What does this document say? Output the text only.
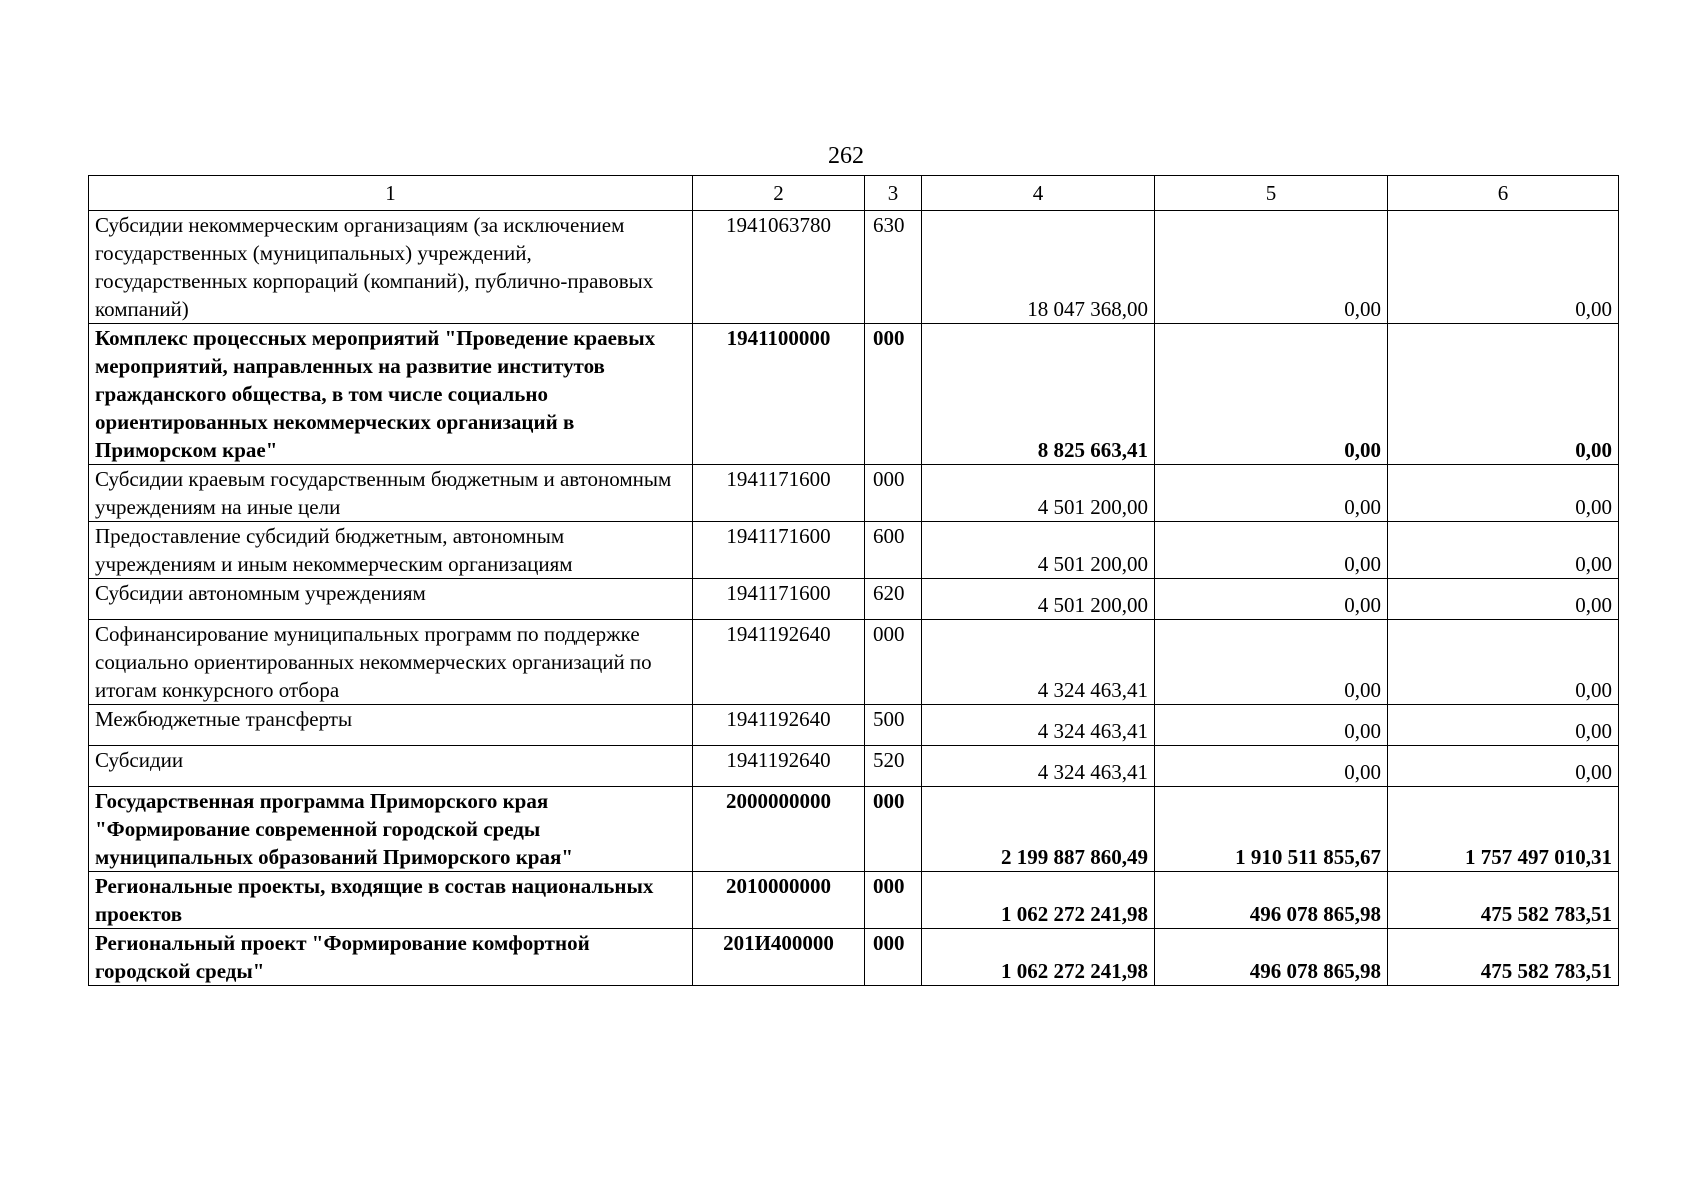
262
1	2	3	4	5	6
Субсидии некоммерческим организациям (за исключением государственных (муниципальных) учреждений, государственных корпораций (компаний), публично-правовых компаний)	1941063780	630	18 047 368,00	0,00	0,00
Комплекс процессных мероприятий "Проведение краевых мероприятий, направленных на развитие институтов гражданского общества, в том числе социально ориентированных некоммерческих организаций в Приморском крае"	1941100000	000	8 825 663,41	0,00	0,00
Субсидии краевым государственным бюджетным и автономным учреждениям на иные цели	1941171600	000	4 501 200,00	0,00	0,00
Предоставление субсидий бюджетным, автономным учреждениям и иным некоммерческим организациям	1941171600	600	4 501 200,00	0,00	0,00
Субсидии автономным учреждениям	1941171600	620	4 501 200,00	0,00	0,00
Софинансирование муниципальных программ по поддержке социально ориентированных некоммерческих организаций по итогам конкурсного отбора	1941192640	000	4 324 463,41	0,00	0,00
Межбюджетные трансферты	1941192640	500	4 324 463,41	0,00	0,00
Субсидии	1941192640	520	4 324 463,41	0,00	0,00
Государственная программа Приморского края "Формирование современной городской среды муниципальных образований Приморского края"	2000000000	000	2 199 887 860,49	1 910 511 855,67	1 757 497 010,31
Региональные проекты, входящие в состав национальных проектов	2010000000	000	1 062 272 241,98	496 078 865,98	475 582 783,51
Региональный проект "Формирование комфортной городской среды"	201И400000	000	1 062 272 241,98	496 078 865,98	475 582 783,51
